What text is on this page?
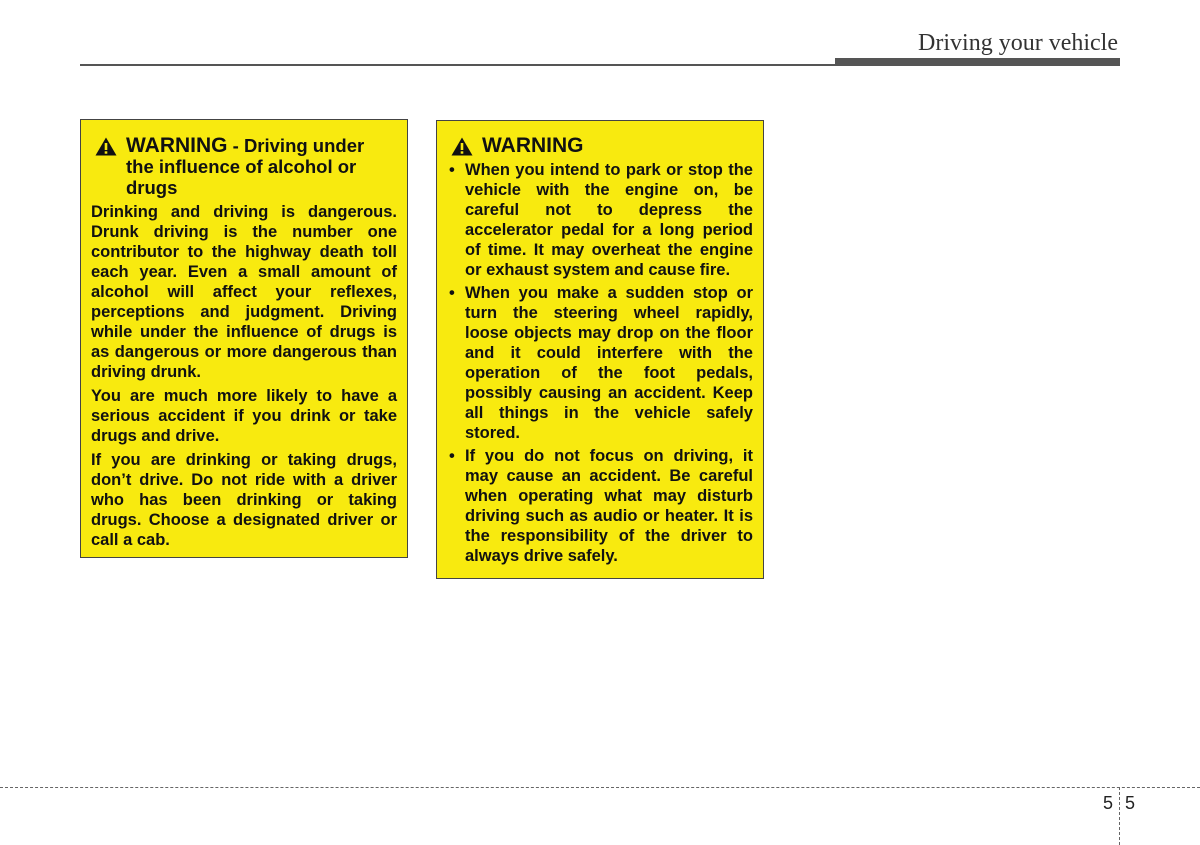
Driving your vehicle
WARNING - Driving under the influence of alcohol or drugs

Drinking and driving is dangerous. Drunk driving is the number one contributor to the highway death toll each year. Even a small amount of alcohol will affect your reflexes, perceptions and judgment. Driving while under the influence of drugs is as dangerous or more dangerous than driving drunk.

You are much more likely to have a serious accident if you drink or take drugs and drive.

If you are drinking or taking drugs, don’t drive. Do not ride with a driver who has been drinking or taking drugs. Choose a designated driver or call a cab.

WARNING
• When you intend to park or stop the vehicle with the engine on, be careful not to depress the accelerator pedal for a long period of time. It may overheat the engine or exhaust system and cause fire.
• When you make a sudden stop or turn the steering wheel rapidly, loose objects may drop on the floor and it could interfere with the operation of the foot pedals, possibly causing an accident. Keep all things in the vehicle safely stored.
• If you do not focus on driving, it may cause an accident. Be careful when operating what may disturb driving such as audio or heater. It is the responsibility of the driver to always drive safely.
5 5
